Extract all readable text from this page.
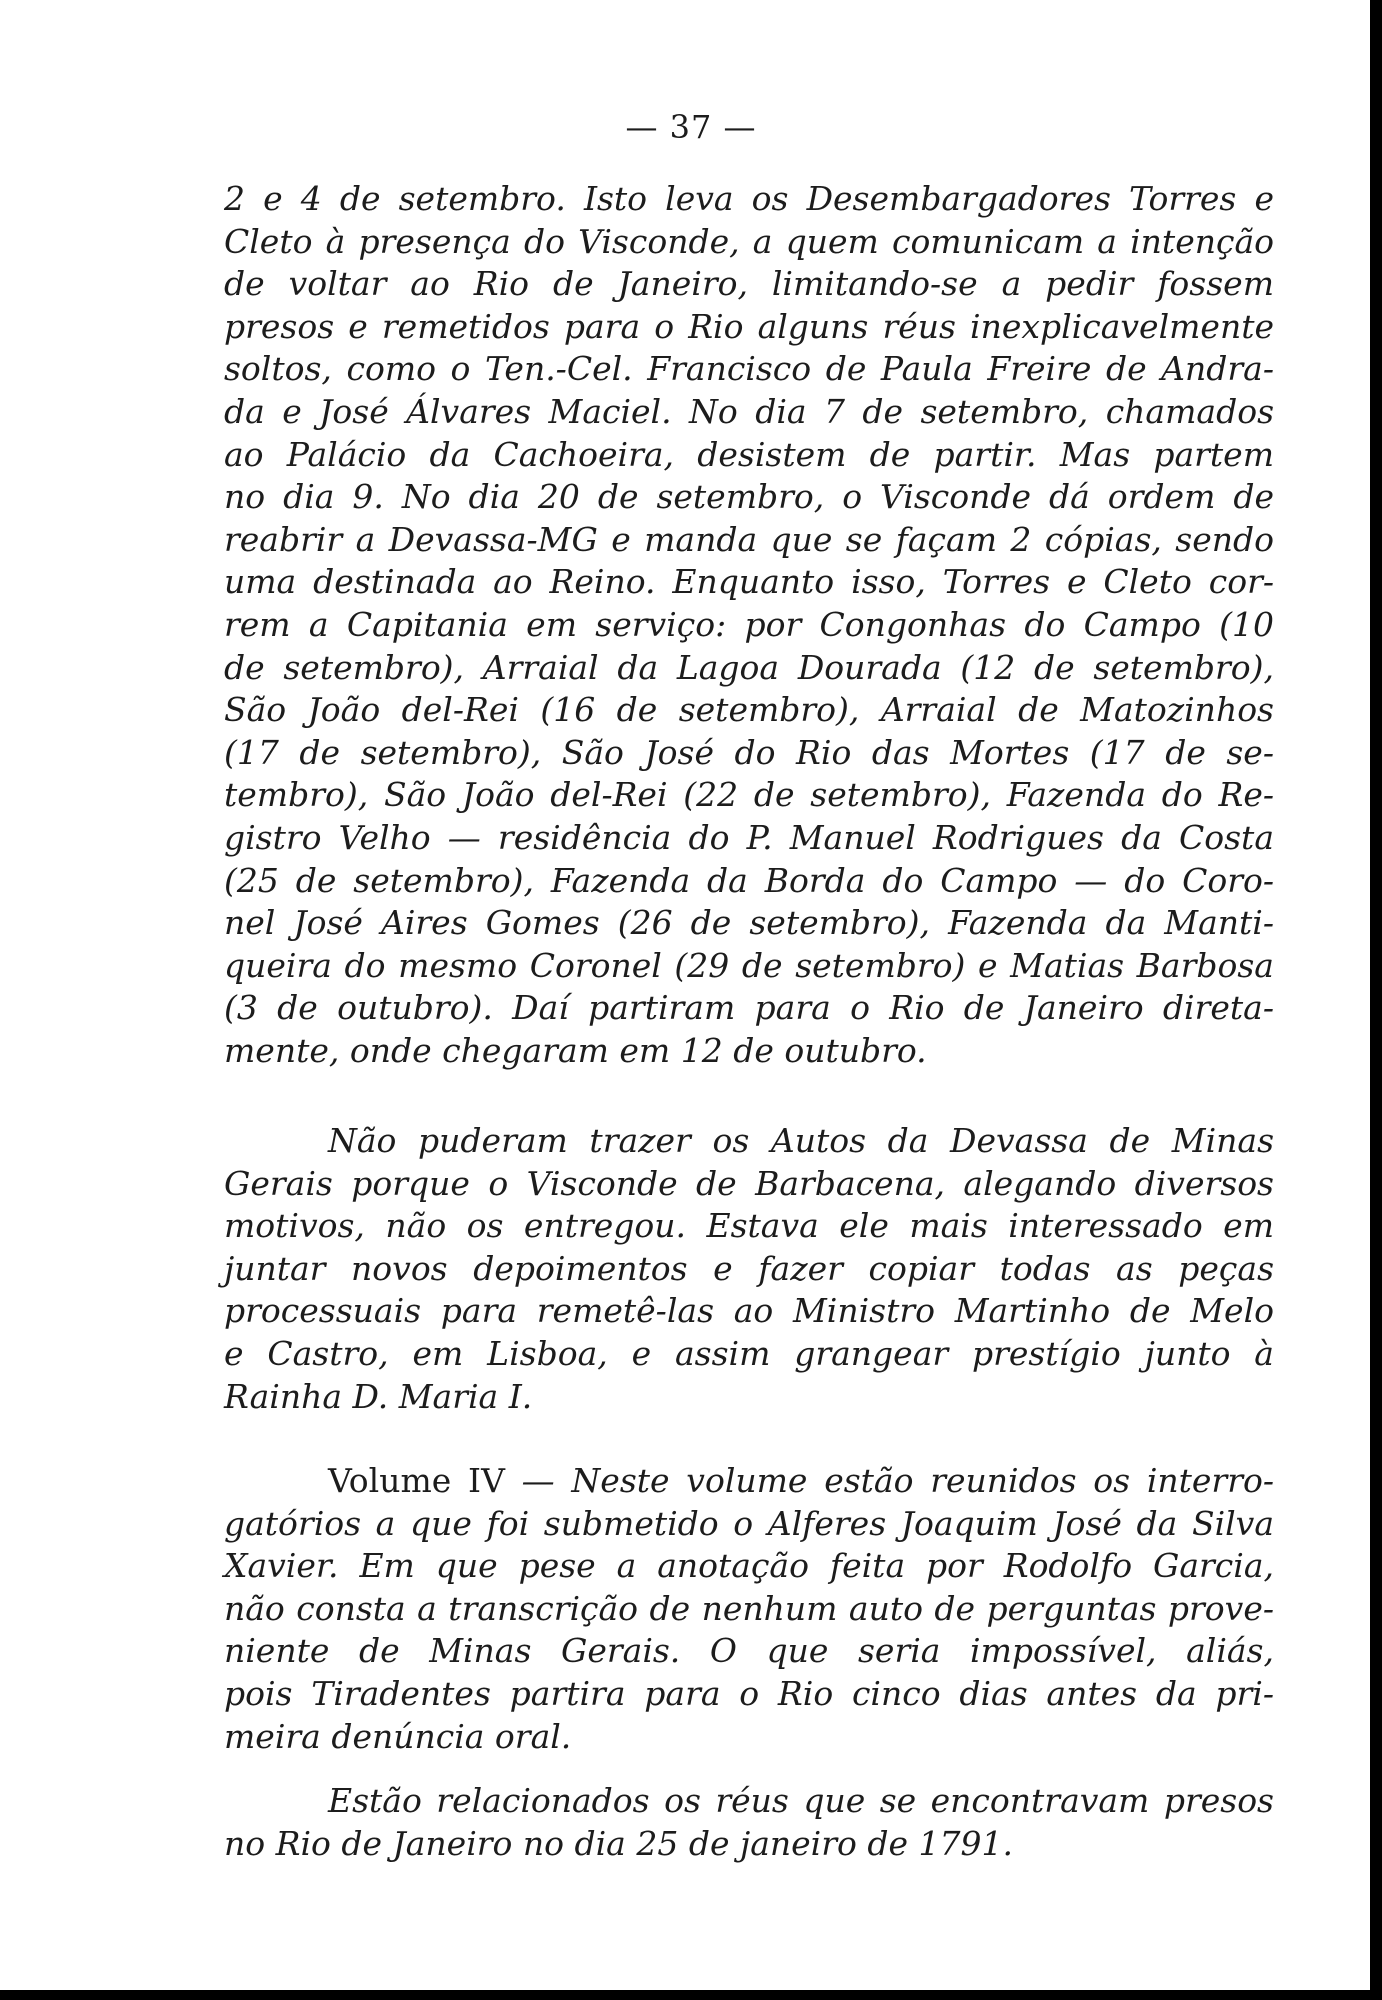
— 37 —
2 e 4 de setembro. Isto leva os Desembargadores Torres e
Cleto à presença do Visconde, a quem comunicam a intenção
de voltar ao Rio de Janeiro, limitando-se a pedir fossem
presos e remetidos para o Rio alguns réus inexplicavelmente
soltos, como o Ten.-Cel. Francisco de Paula Freire de Andra-
da e José Álvares Maciel. No dia 7 de setembro, chamados
ao Palácio da Cachoeira, desistem de partir. Mas partem
no dia 9. No dia 20 de setembro, o Visconde dá ordem de
reabrir a Devassa-MG e manda que se façam 2 cópias, sendo
uma destinada ao Reino. Enquanto isso, Torres e Cleto cor-
rem a Capitania em serviço: por Congonhas do Campo (10
de setembro), Arraial da Lagoa Dourada (12 de setembro),
São João del-Rei (16 de setembro), Arraial de Matozinhos
(17 de setembro), São José do Rio das Mortes (17 de se-
tembro), São João del-Rei (22 de setembro), Fazenda do Re-
gistro Velho — residência do P. Manuel Rodrigues da Costa
(25 de setembro), Fazenda da Borda do Campo — do Coro-
nel José Aires Gomes (26 de setembro), Fazenda da Manti-
queira do mesmo Coronel (29 de setembro) e Matias Barbosa
(3 de outubro). Daí partiram para o Rio de Janeiro direta-
mente, onde chegaram em 12 de outubro.
Não puderam trazer os Autos da Devassa de Minas
Gerais porque o Visconde de Barbacena, alegando diversos
motivos, não os entregou. Estava ele mais interessado em
juntar novos depoimentos e fazer copiar todas as peças
processuais para remetê-las ao Ministro Martinho de Melo
e Castro, em Lisboa, e assim grangear prestígio junto à
Rainha D. Maria I.
Volume IV — Neste volume estão reunidos os interro-
gatórios a que foi submetido o Alferes Joaquim José da Silva
Xavier. Em que pese a anotação feita por Rodolfo Garcia,
não consta a transcrição de nenhum auto de perguntas prove-
niente de Minas Gerais. O que seria impossível, aliás,
pois Tiradentes partira para o Rio cinco dias antes da pri-
meira denúncia oral.
Estão relacionados os réus que se encontravam presos
no Rio de Janeiro no dia 25 de janeiro de 1791.
